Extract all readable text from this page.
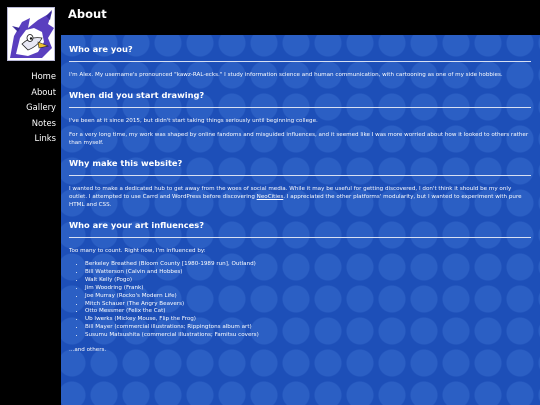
Home
About
Gallery
Notes
Links
About
Who are you?

I'm Alex. My username's pronounced "kawz-RAL-ecks." I study information science and human communication, with cartooning as one of my side hobbies.

When did you start drawing?

I've been at it since 2015, but didn't start taking things seriously until beginning college.

For a very long time, my work was shaped by online fandoms and misguided influences, and it seemed like I was more worried about how it looked to others rather than myself.

Why make this website?

I wanted to make a dedicated hub to get away from the woes of social media. While it may be useful for getting discovered, I don't think it should be my only outlet. I attempted to use Carrd and WordPress before discovering NeoCities. I appreciated the other platforms' modularity, but I wanted to experiment with pure HTML and CSS.

Who are your art influences?

Too many to count. Right now, I'm influenced by:

• Berkeley Breathed (Bloom County [1980-1989 run], Outland)
• Bill Watterson (Calvin and Hobbes)
• Walt Kelly (Pogo)
• Jim Woodring (Frank)
• Joe Murray (Rocko's Modern Life)
• Mitch Schauer (The Angry Beavers)
• Otto Messmer (Felix the Cat)
• Ub Iwerks (Mickey Mouse, Flip the Frog)
• Bill Mayer (commercial illustrations; Rippingtons album art)
• Susumu Matsushita (commercial illustrations; Famitsu covers)

...and others.
